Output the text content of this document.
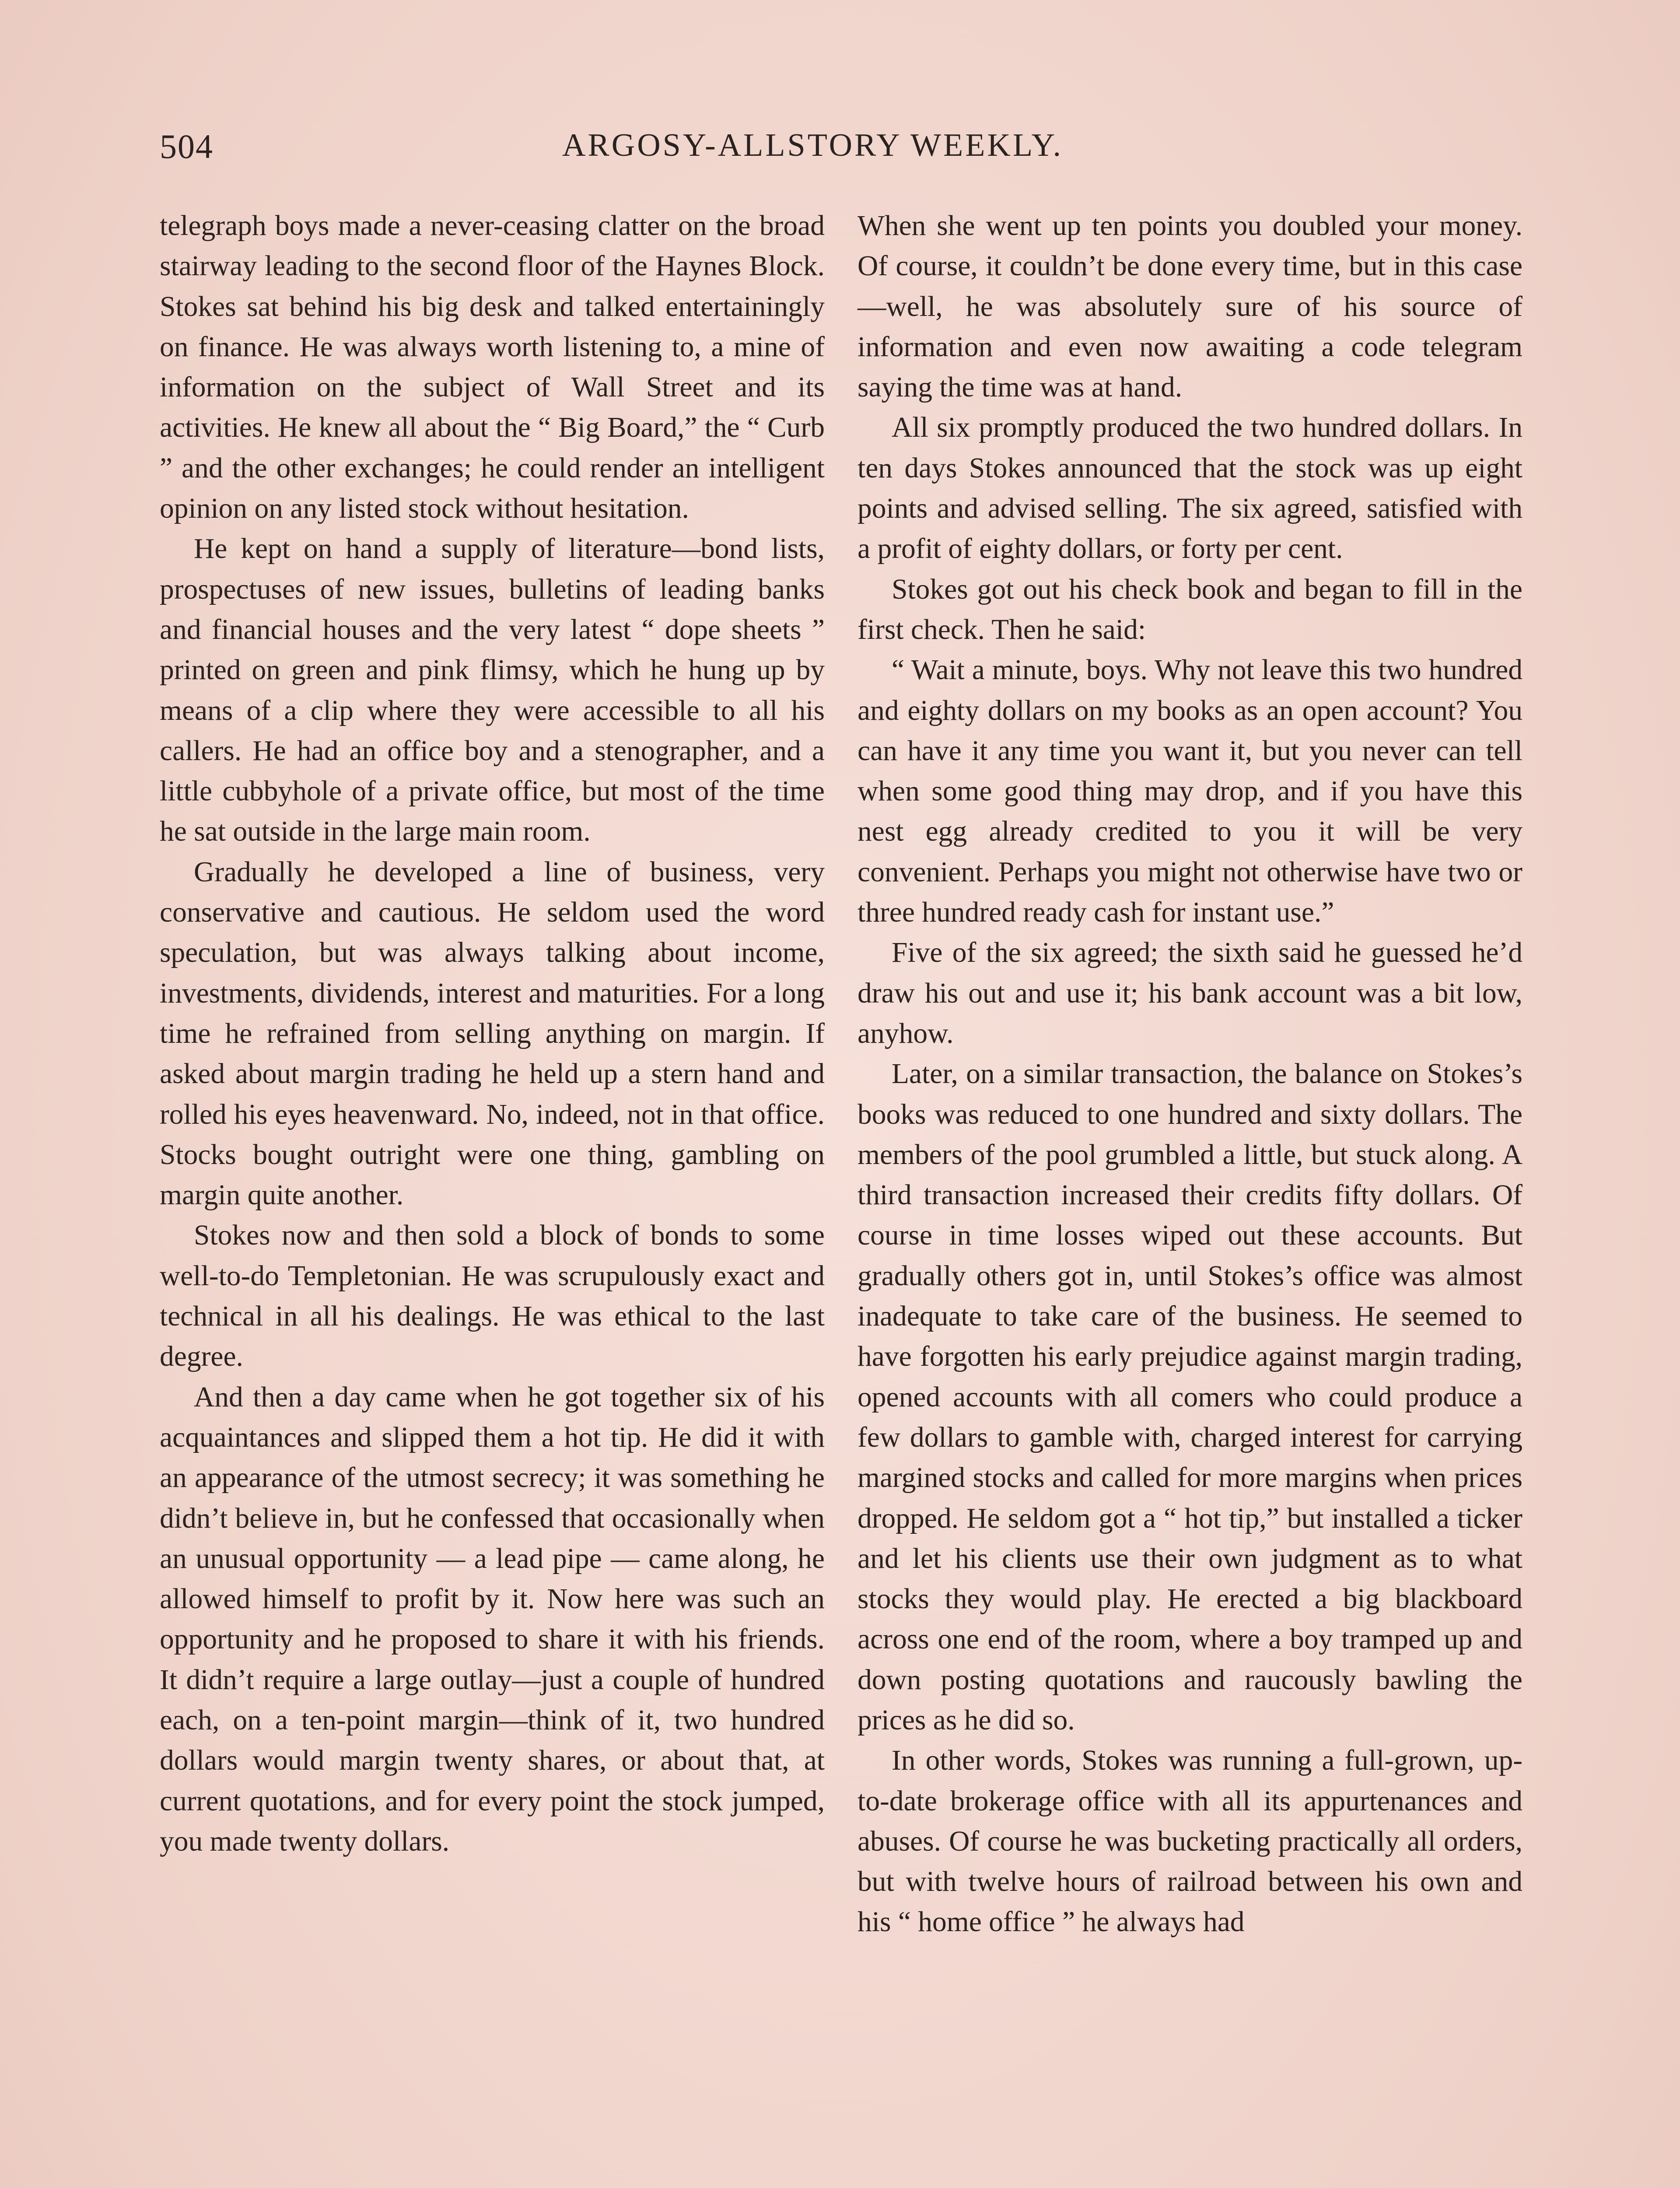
504	ARGOSY-ALLSTORY WEEKLY.

telegraph boys made a never-ceasing clatter on the broad stairway leading to the second floor of the Haynes Block. Stokes sat behind his big desk and talked entertainingly on finance. He was always worth listening to, a mine of information on the subject of Wall Street and its activities. He knew all about the “ Big Board,” the “ Curb ” and the other exchanges; he could render an intelligent opinion on any listed stock without hesitation.

He kept on hand a supply of literature—bond lists, prospectuses of new issues, bulletins of leading banks and financial houses and the very latest “ dope sheets ” printed on green and pink flimsy, which he hung up by means of a clip where they were accessible to all his callers. He had an office boy and a stenographer, and a little cubbyhole of a private office, but most of the time he sat outside in the large main room.

Gradually he developed a line of business, very conservative and cautious. He seldom used the word speculation, but was always talking about income, investments, dividends, interest and maturities. For a long time he refrained from selling anything on margin. If asked about margin trading he held up a stern hand and rolled his eyes heavenward. No, indeed, not in that office. Stocks bought outright were one thing, gambling on margin quite another.

Stokes now and then sold a block of bonds to some well-to-do Templetonian. He was scrupulously exact and technical in all his dealings. He was ethical to the last degree.

And then a day came when he got together six of his acquaintances and slipped them a hot tip. He did it with an appearance of the utmost secrecy; it was something he didn’t believe in, but he confessed that occasionally when an unusual opportunity — a lead pipe — came along, he allowed himself to profit by it. Now here was such an opportunity and he proposed to share it with his friends. It didn’t require a large outlay—just a couple of hundred each, on a ten-point margin—think of it, two hundred dollars would margin twenty shares, or about that, at current quotations, and for every point the stock jumped, you made twenty dollars.

When she went up ten points you doubled your money. Of course, it couldn’t be done every time, but in this case—well, he was absolutely sure of his source of information and even now awaiting a code telegram saying the time was at hand.

All six promptly produced the two hundred dollars. In ten days Stokes announced that the stock was up eight points and advised selling. The six agreed, satisfied with a profit of eighty dollars, or forty per cent.

Stokes got out his check book and began to fill in the first check. Then he said:

“ Wait a minute, boys. Why not leave this two hundred and eighty dollars on my books as an open account? You can have it any time you want it, but you never can tell when some good thing may drop, and if you have this nest egg already credited to you it will be very convenient. Perhaps you might not otherwise have two or three hundred ready cash for instant use.”

Five of the six agreed; the sixth said he guessed he’d draw his out and use it; his bank account was a bit low, anyhow.

Later, on a similar transaction, the balance on Stokes’s books was reduced to one hundred and sixty dollars. The members of the pool grumbled a little, but stuck along. A third transaction increased their credits fifty dollars. Of course in time losses wiped out these accounts. But gradually others got in, until Stokes’s office was almost inadequate to take care of the business. He seemed to have forgotten his early prejudice against margin trading, opened accounts with all comers who could produce a few dollars to gamble with, charged interest for carrying margined stocks and called for more margins when prices dropped. He seldom got a “ hot tip,” but installed a ticker and let his clients use their own judgment as to what stocks they would play. He erected a big blackboard across one end of the room, where a boy tramped up and down posting quotations and raucously bawling the prices as he did so.

In other words, Stokes was running a full-grown, up-to-date brokerage office with all its appurtenances and abuses. Of course he was bucketing practically all orders, but with twelve hours of railroad between his own and his “ home office ” he always had
